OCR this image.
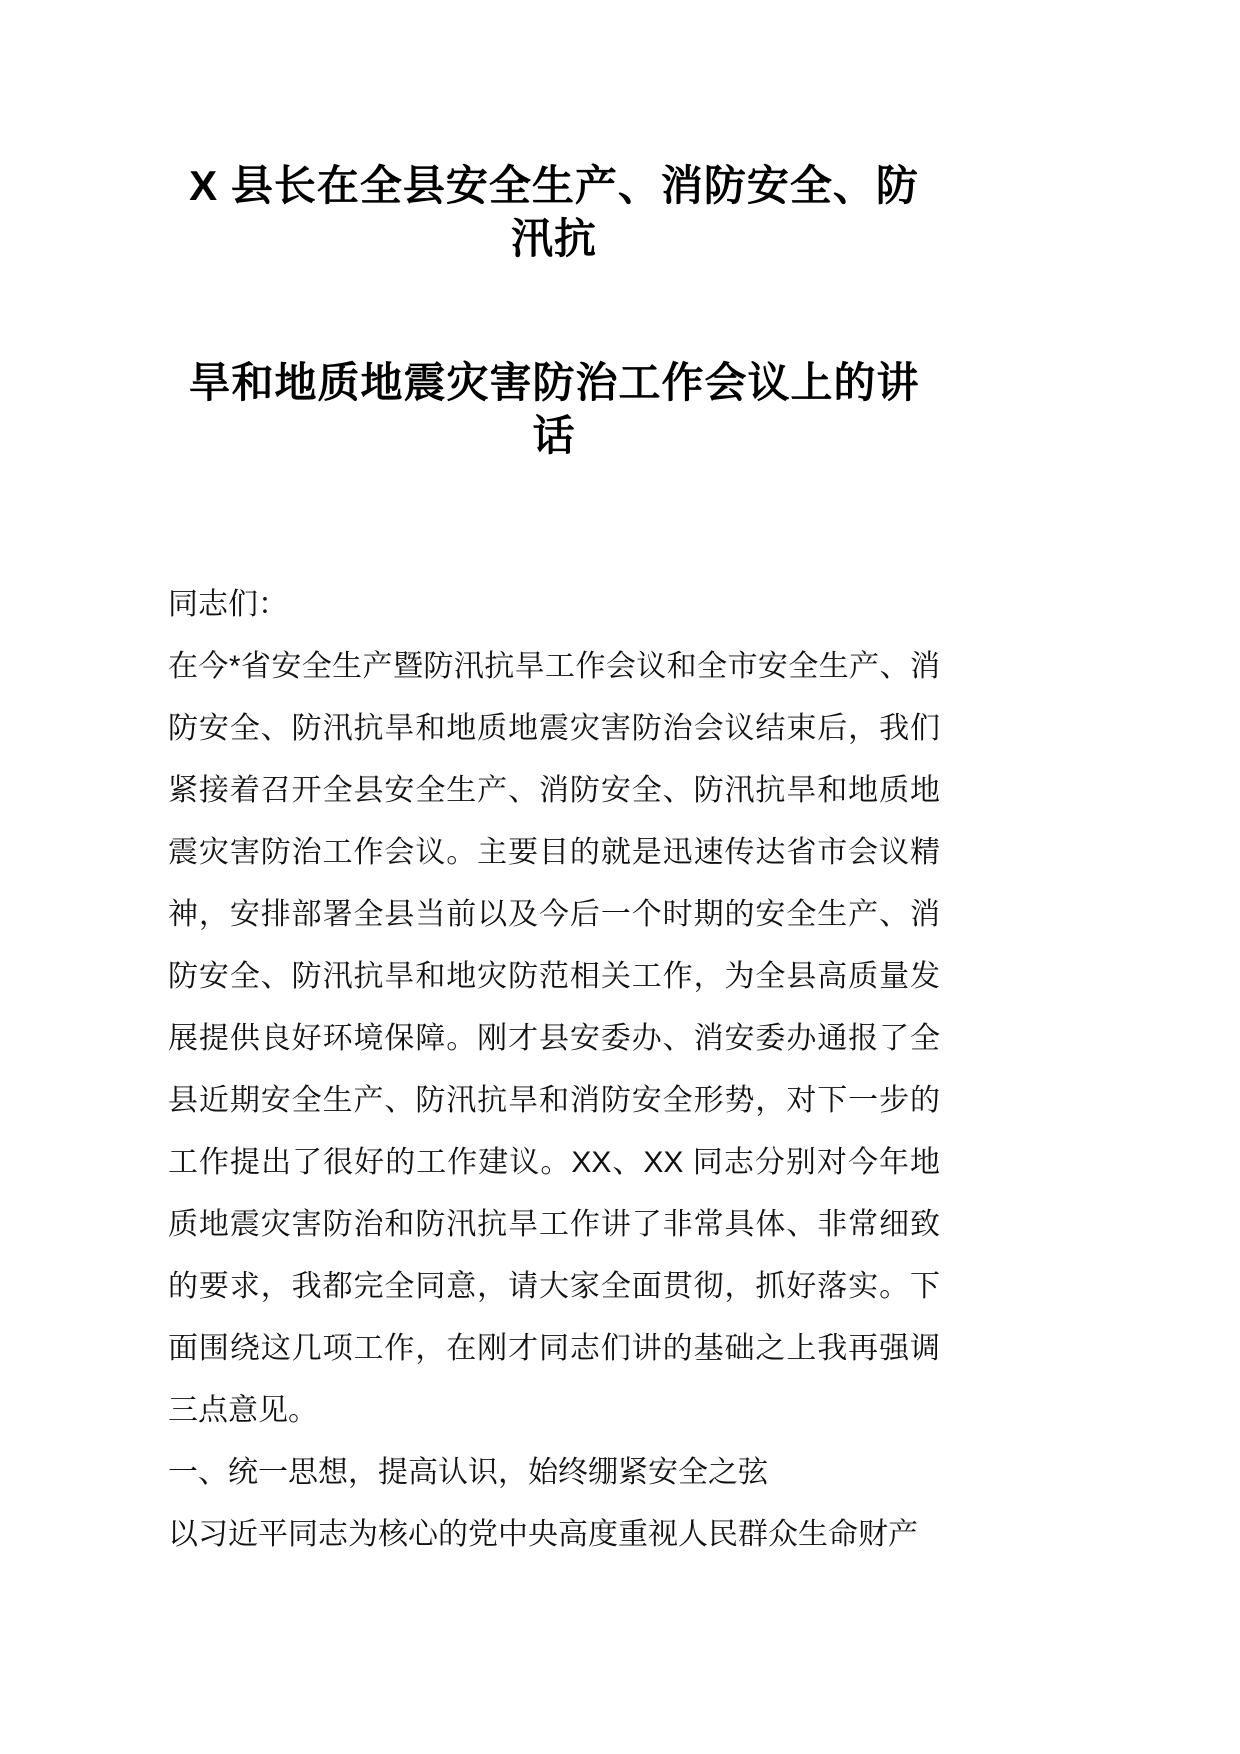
X 县长在全县安全生产、消防安全、防汛抗
旱和地质地震灾害防治工作会议上的讲话

同志们：

在今*省安全生产暨防汛抗旱工作会议和全市安全生产、消防安全、防汛抗旱和地质地震灾害防治会议结束后，我们紧接着召开全县安全生产、消防安全、防汛抗旱和地质地震灾害防治工作会议。主要目的就是迅速传达省市会议精神，安排部署全县当前以及今后一个时期的安全生产、消防安全、防汛抗旱和地灾防范相关工作，为全县高质量发展提供良好环境保障。刚才县安委办、消安委办通报了全县近期安全生产、防汛抗旱和消防安全形势，对下一步的工作提出了很好的工作建议。XX、XX 同志分别对今年地质地震灾害防治和防汛抗旱工作讲了非常具体、非常细致的要求，我都完全同意，请大家全面贯彻，抓好落实。下面围绕这几项工作，在刚才同志们讲的基础之上我再强调三点意见。

一、统一思想，提高认识，始终绷紧安全之弦

以习近平同志为核心的党中央高度重视人民群众生命财产
